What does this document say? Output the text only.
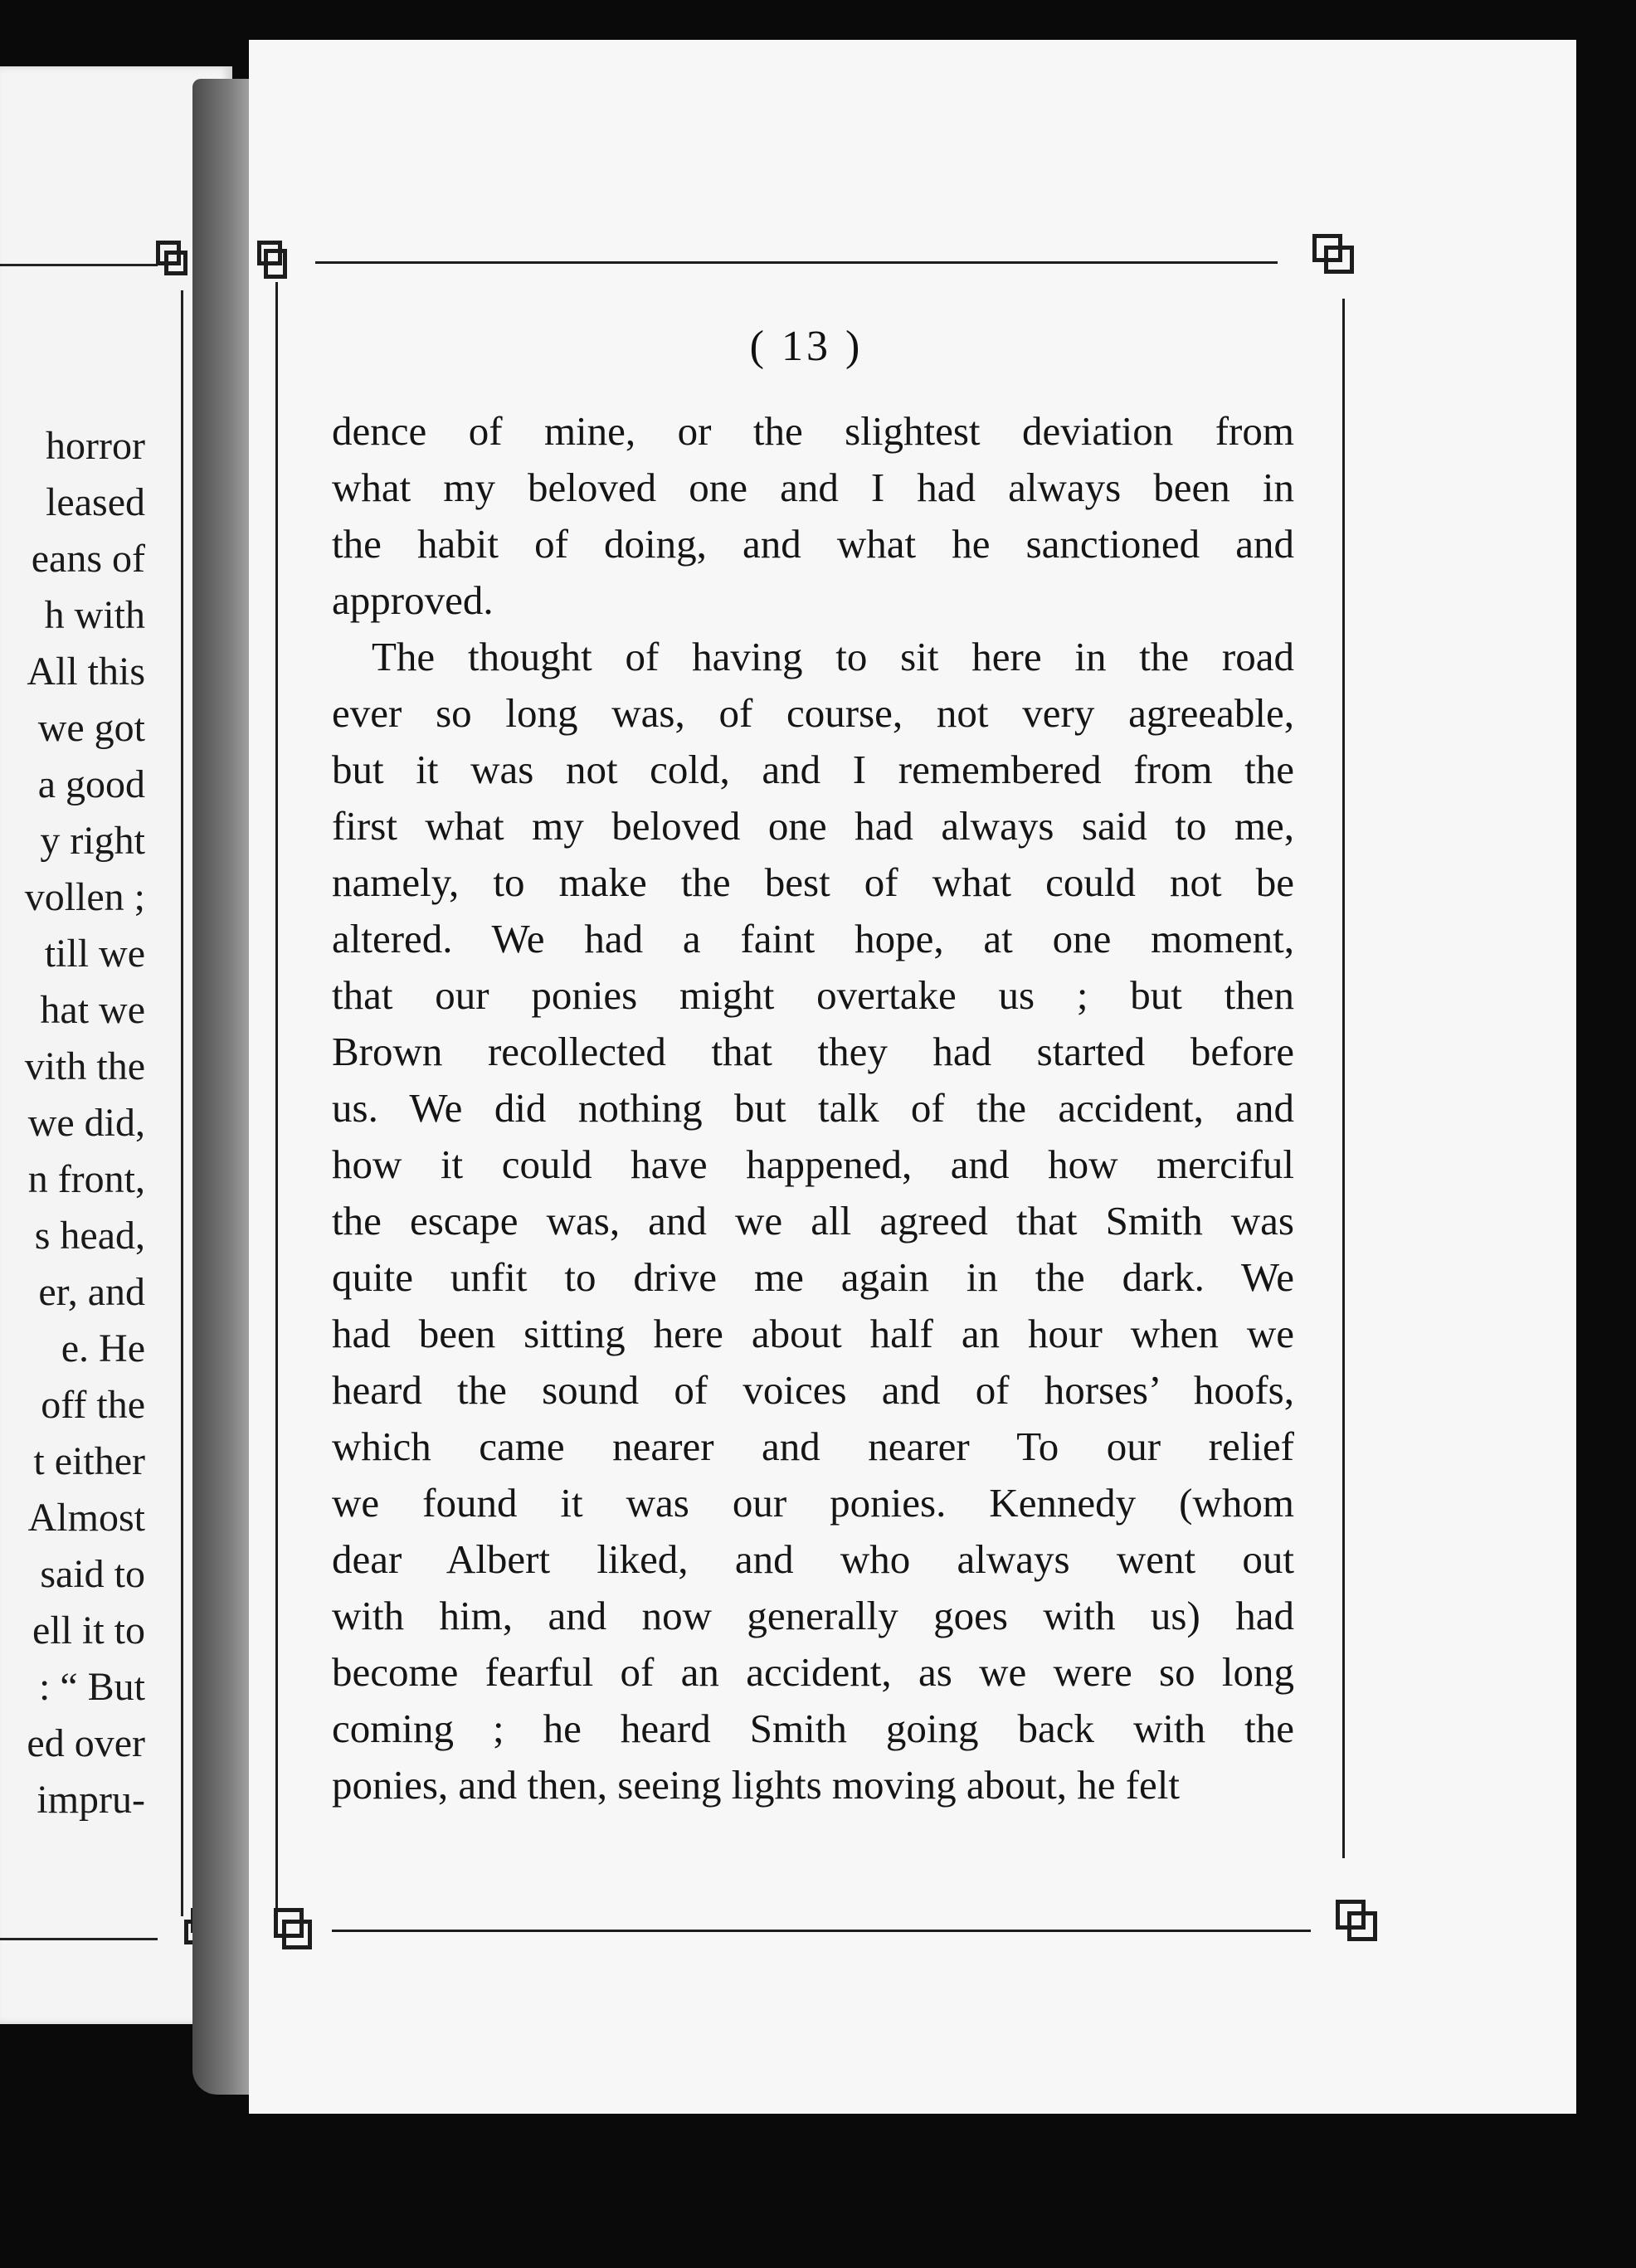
horror
leased
eans of
h with
All this
we got
a good
y right
vollen ;
till we
hat we
vith the
we did,
n front,
s head,
er, and
e. He
off the
t either
Almost
said to
ell it to
: “ But
ed over
impru-
( 13 )
dence of mine, or the slightest deviation from
what my beloved one and I had always been in
the habit of doing, and what he sanctioned and
approved.
The thought of having to sit here in the road
ever so long was, of course, not very agreeable,
but it was not cold, and I remembered from the
first what my beloved one had always said to me,
namely, to make the best of what could not be
altered. We had a faint hope, at one moment,
that our ponies might overtake us ; but then
Brown recollected that they had started before
us. We did nothing but talk of the accident, and
how it could have happened, and how merciful
the escape was, and we all agreed that Smith was
quite unfit to drive me again in the dark. We
had been sitting here about half an hour when we
heard the sound of voices and of horses’ hoofs,
which came nearer and nearer To our relief
we found it was our ponies. Kennedy (whom
dear Albert liked, and who always went out
with him, and now generally goes with us) had
become fearful of an accident, as we were so long
coming ; he heard Smith going back with the
ponies, and then, seeing lights moving about, he felt
